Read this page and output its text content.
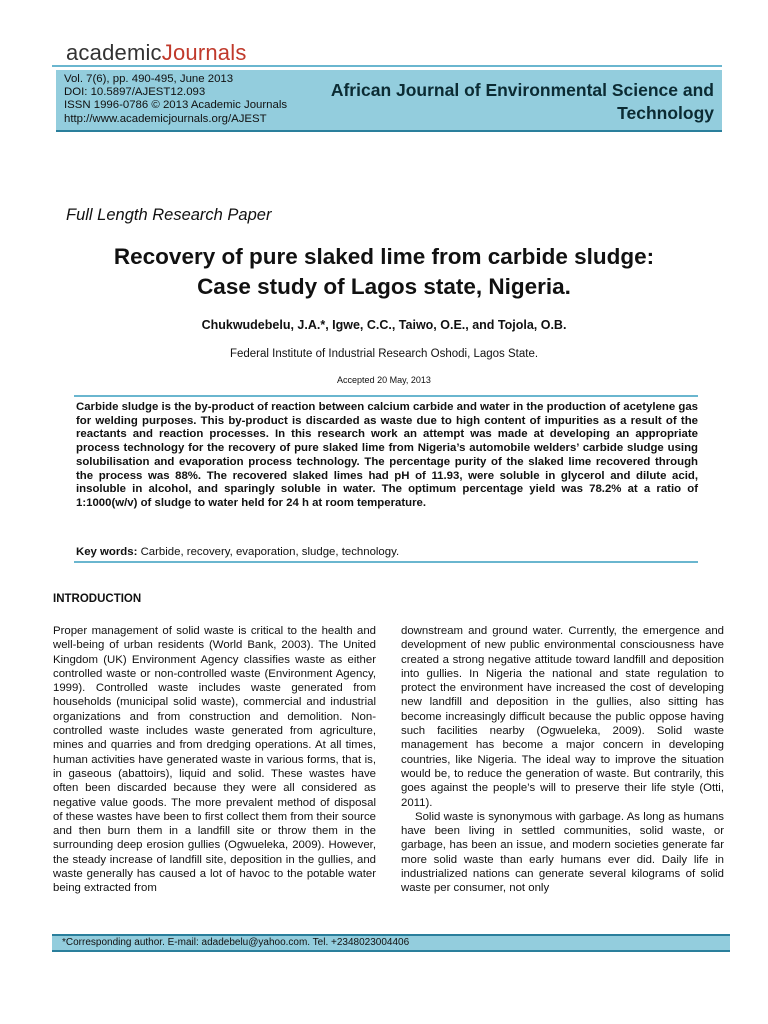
academicJournals
Vol. 7(6), pp. 490-495, June 2013
DOI: 10.5897/AJEST12.093
ISSN 1996-0786 © 2013 Academic Journals
http://www.academicjournals.org/AJEST
African Journal of Environmental Science and
Technology
Full Length Research Paper
Recovery of pure slaked lime from carbide sludge:
Case study of Lagos state, Nigeria.
Chukwudebelu, J.A.*, Igwe, C.C., Taiwo, O.E., and Tojola, O.B.
Federal Institute of Industrial Research Oshodi, Lagos State.
Accepted 20 May, 2013
Carbide sludge is the by-product of reaction between calcium carbide and water in the production of acetylene gas for welding purposes. This by-product is discarded as waste due to high content of impurities as a result of the reactants and reaction processes. In this research work an attempt was made at developing an appropriate process technology for the recovery of pure slaked lime from Nigeria’s automobile welders’ carbide sludge using solubilisation and evaporation process technology. The percentage purity of the slaked lime recovered through the process was 88%. The recovered slaked limes had pH of 11.93, were soluble in glycerol and dilute acid, insoluble in alcohol, and sparingly soluble in water. The optimum percentage yield was 78.2% at a ratio of 1:1000(w/v) of sludge to water held for 24 h at room temperature.
Key words: Carbide, recovery, evaporation, sludge, technology.
INTRODUCTION

Proper management of solid waste is critical to the health and well-being of urban residents (World Bank, 2003). The United Kingdom (UK) Environment Agency classifies waste as either controlled waste or non-controlled waste (Environment Agency, 1999). Controlled waste includes waste generated from households (municipal solid waste), commercial and industrial organizations and from construction and demolition. Non-controlled waste includes waste generated from agriculture, mines and quarries and from dredging operations. At all times, human activities have generated waste in various forms, that is, in gaseous (abattoirs), liquid and solid. These wastes have often been discarded because they were all considered as negative value goods. The more prevalent method of disposal of these wastes have been to first collect them from their source and then burn them in a landfill site or throw them in the surrounding deep erosion gullies (Ogwueleka, 2009). However, the steady increase of landfill site, deposition in the gullies, and waste generally has caused a lot of havoc to the potable water being extracted from

downstream and ground water. Currently, the emergence and development of new public environmental consciousness have created a strong negative attitude toward landfill and deposition into gullies. In Nigeria the national and state regulation to protect the environment have increased the cost of developing new landfill and deposition in the gullies, also sitting has become increasingly difficult because the public oppose having such facilities nearby (Ogwueleka, 2009). Solid waste management has become a major concern in developing countries, like Nigeria. The ideal way to improve the situation would be, to reduce the generation of waste. But contrarily, this goes against the people’s will to preserve their life style (Otti, 2011).

Solid waste is synonymous with garbage. As long as humans have been living in settled communities, solid waste, or garbage, has been an issue, and modern societies generate far more solid waste than early humans ever did. Daily life in industrialized nations can generate several kilograms of solid waste per consumer, not only

*Corresponding author. E-mail: adadebelu@yahoo.com. Tel. +2348023004406
